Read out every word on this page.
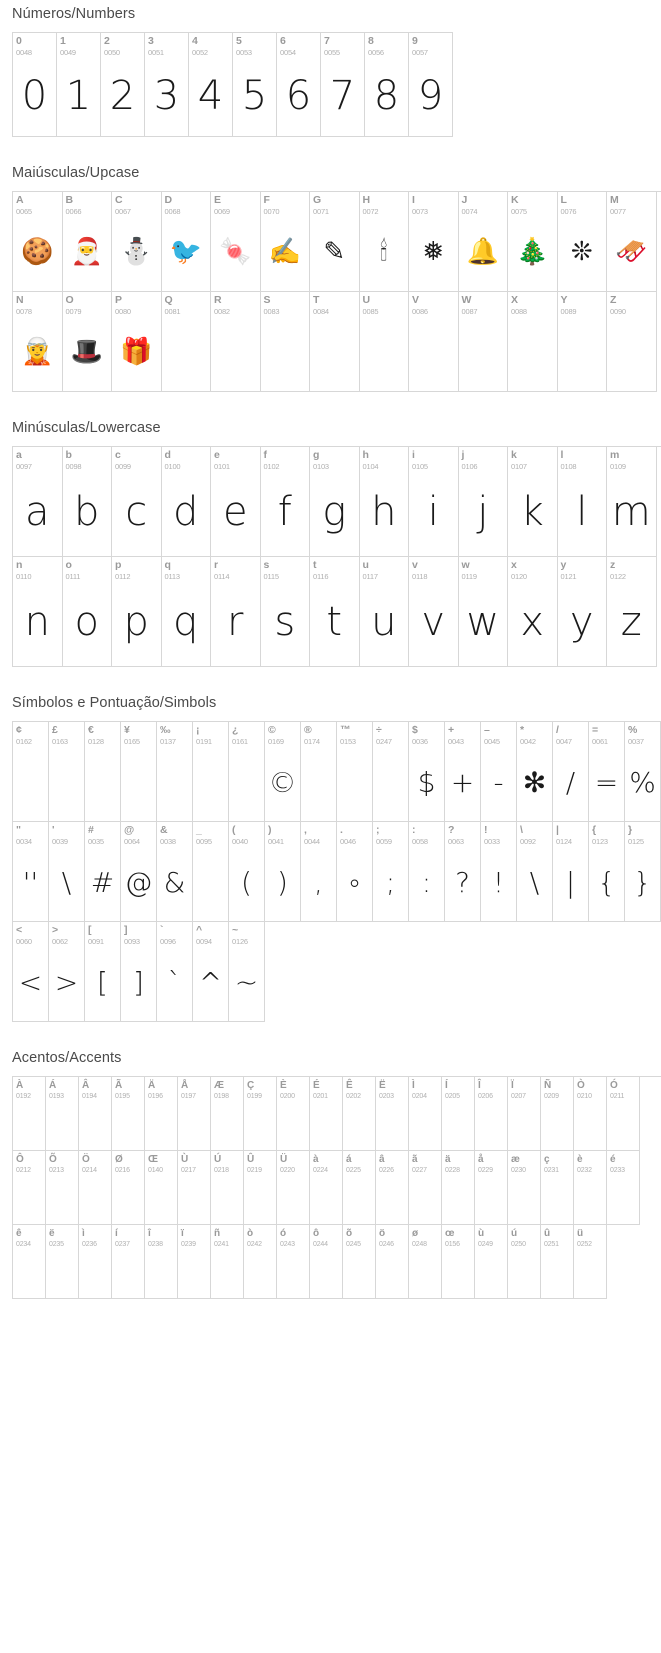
Números/Numbers
0
0048
0
1
0049
1
2
0050
2
3
0051
3
4
0052
4
5
0053
5
6
0054
6
7
0055
7
8
0056
8
9
0057
9
Maiúsculas/Upcase
A
0065
🍪
B
0066
🎅
C
0067
⛄
D
0068
🐦
E
0069
🍬
F
0070
✍
G
0071
✎
H
0072
🕯
I
0073
❅
J
0074
🔔
K
0075
🎄
L
0076
❊
M
0077
🛷
N
0078
🧝
O
0079
🎩
P
0080
🎁
Q
0081
R
0082
S
0083
T
0084
U
0085
V
0086
W
0087
X
0088
Y
0089
Z
0090
Minúsculas/Lowercase
a
0097
a
b
0098
b
c
0099
c
d
0100
d
e
0101
e
f
0102
f
g
0103
g
h
0104
h
i
0105
i
j
0106
j
k
0107
k
l
0108
l
m
0109
m
n
0110
n
o
0111
o
p
0112
p
q
0113
q
r
0114
r
s
0115
s
t
0116
t
u
0117
u
v
0118
v
w
0119
w
x
0120
x
y
0121
y
z
0122
z
Símbolos e Pontuação/Simbols
¢
0162
£
0163
€
0128
¥
0165
‰
0137
¡
0191
¿
0161
©
0169
©
®
0174
™
0153
÷
0247
$
0036
$
+
0043
+
–
0045
-
*
0042
✻
/
0047
/
=
0061
=
%
0037
%
"
0034
''
'
0039
\
#
0035
#
@
0064
@
&
0038
&
_
0095
(
0040
(
)
0041
)
,
0044
,
.
0046
∘
;
0059
;
:
0058
:
?
0063
?
!
0033
!
\
0092
\
|
0124
|
{
0123
{
}
0125
}
<
0060
<
>
0062
>
[
0091
[
]
0093
]
`
0096
`
^
0094
^
~
0126
~
Acentos/Accents
À
0192
Á
0193
Â
0194
Ã
0195
Ä
0196
Å
0197
Æ
0198
Ç
0199
È
0200
É
0201
Ê
0202
Ë
0203
Ì
0204
Í
0205
Î
0206
Ï
0207
Ñ
0209
Ò
0210
Ó
0211
Ô
0212
Õ
0213
Ö
0214
Ø
0216
Œ
0140
Ù
0217
Ú
0218
Û
0219
Ü
0220
à
0224
á
0225
â
0226
ã
0227
ä
0228
å
0229
æ
0230
ç
0231
è
0232
é
0233
ê
0234
ë
0235
ì
0236
í
0237
î
0238
ï
0239
ñ
0241
ò
0242
ó
0243
ô
0244
õ
0245
ö
0246
ø
0248
œ
0156
ù
0249
ú
0250
û
0251
ü
0252
